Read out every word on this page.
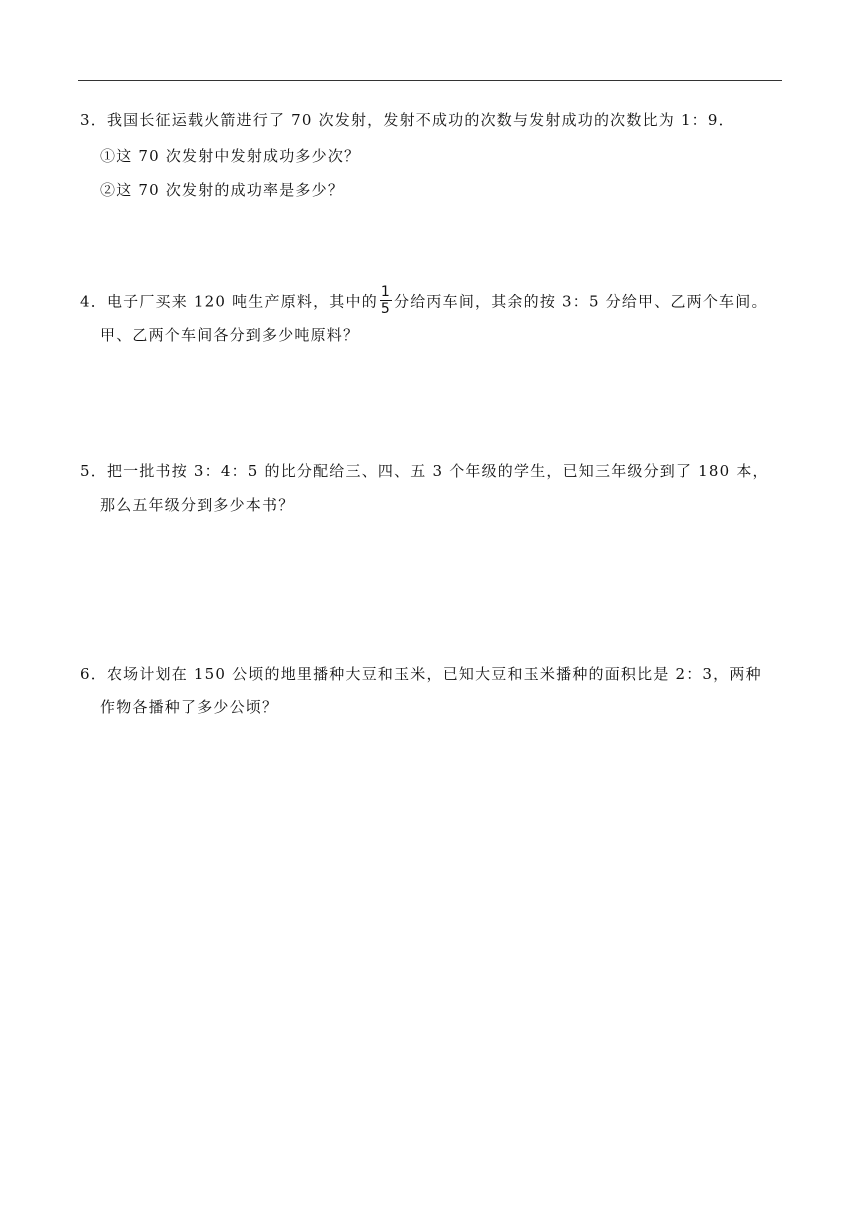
3．我国长征运载火箭进行了 70 次发射，发射不成功的次数与发射成功的次数比为 1：9．
①这 70 次发射中发射成功多少次？
②这 70 次发射的成功率是多少？
4．电子厂买来 120 吨生产原料，其中的 $\frac{1}{5}$ 分给丙车间，其余的按 3：5 分给甲、乙两个车间。
甲、乙两个车间各分到多少吨原料？
5．把一批书按 3：4：5 的比分配给三、四、五 3 个年级的学生，已知三年级分到了 180 本，
那么五年级分到多少本书？
6．农场计划在 150 公顷的地里播种大豆和玉米，已知大豆和玉米播种的面积比是 2：3，两种
作物各播种了多少公顷？
